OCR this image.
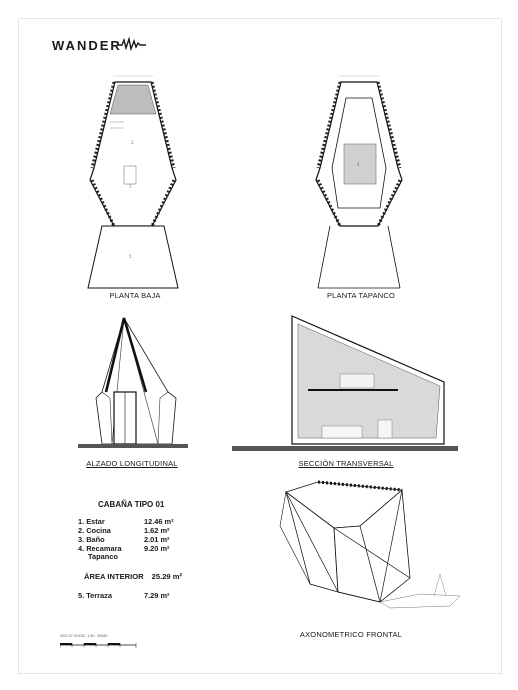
WANDER
2
1
5
PLANTA BAJA
4
PLANTA TAPANCO
ALZADO LONGITUDINAL	SECCIÓN TRANSVERSAL
CABAÑA TIPO 01
1. Estar	12.46 m²
2. Cocina	1.62 m²
3. Baño	2.01 m²
4. Recamara	9.20 m²
Tapanco
ÁREA INTERIOR 25.29 m²
5. Terraza	7.29 m²
AXONOMETRICO FRONTAL
2021.07.09 ESC. 1:50 - 50045
